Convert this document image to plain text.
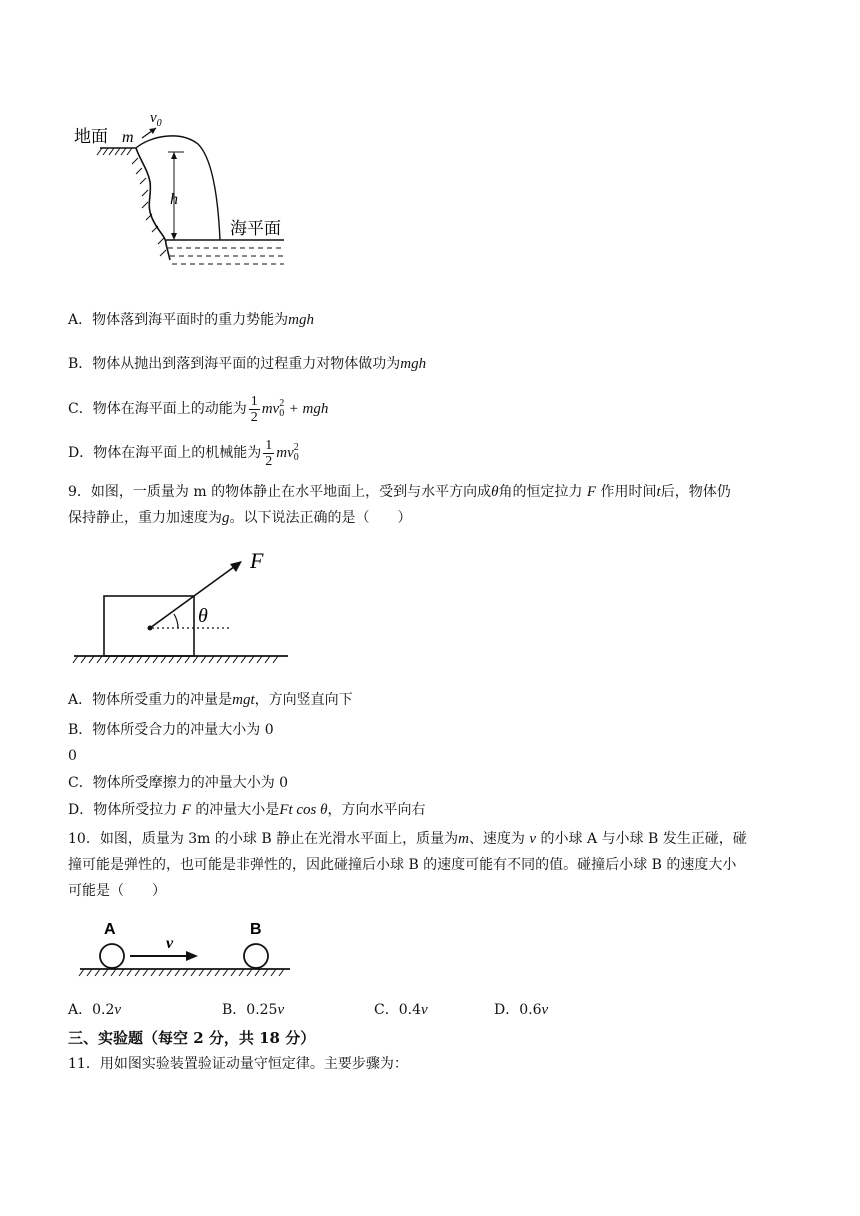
地面 m
$v_0$
h
海平面
A．物体落到海平面时的重力势能为mgh
B．物体从抛出到落到海平面的过程重力对物体做功为mgh
C．物体在海平面上的动能为 $\frac{1}{2}$ mv 2
0 + mgh
D．物体在海平面上的机械能为 $\frac{1}{2}$ mv 2
0
9．如图，一质量为 m 的物体静止在水平地面上，受到与水平方向成θ角的恒定拉力 F 作用时间t后，物体仍
保持静止，重力加速度为g。以下说法正确的是（　　）
F
θ
A．物体所受重力的冲量是mgt，方向竖直向下
B．物体所受合力的冲量大小为 0
0
C．物体所受摩擦力的冲量大小为 0
D．物体所受拉力 F 的冲量大小是Ft cos θ，方向水平向右
10．如图，质量为 3m 的小球 B 静止在光滑水平面上，质量为m、速度为 v 的小球 A 与小球 B 发生正碰，碰
撞可能是弹性的，也可能是非弹性的，因此碰撞后小球 B 的速度可能有不同的值。碰撞后小球 B 的速度大小
可能是（　　）
A	B
v
A．0.2v	B．0.25v	C．0.4v	D．0.6v
三、实验题（每空 2 分，共 18 分）
11．用如图实验装置验证动量守恒定律。主要步骤为：
